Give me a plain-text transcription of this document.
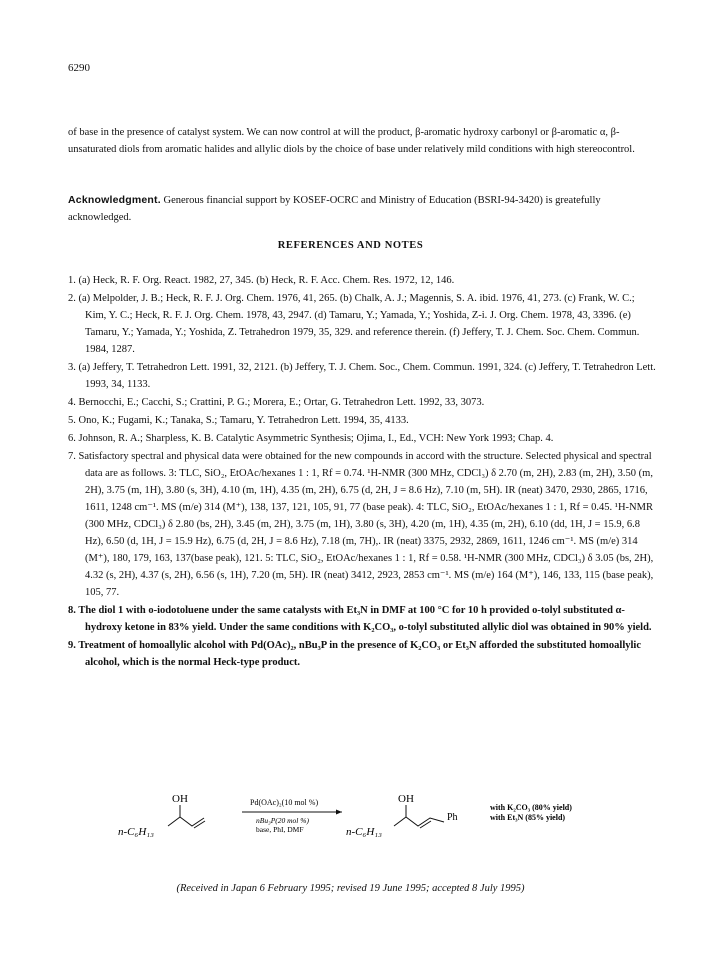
6290

of base in the presence of catalyst system. We can now control at will the product, β-aromatic hydroxy carbonyl or β-aromatic α, β-unsaturated diols from aromatic halides and allylic diols by the choice of base under relatively mild conditions with high stereocontrol.

Acknowledgment. Generous financial support by KOSEF-OCRC and Ministry of Education (BSRI-94-3420) is greatefully acknowledged.

REFERENCES AND NOTES
1. (a) Heck, R. F. Org. React. 1982, 27, 345. (b) Heck, R. F. Acc. Chem. Res. 1972, 12, 146.
2. (a) Melpolder, J. B.; Heck, R. F. J. Org. Chem. 1976, 41, 265. (b) Chalk, A. J.; Magennis, S. A. ibid. 1976, 41, 273. (c) Frank, W. C.; Kim, Y. C.; Heck, R. F. J. Org. Chem. 1978, 43, 2947. (d) Tamaru, Y.; Yamada, Y.; Yoshida, Z-i. J. Org. Chem. 1978, 43, 3396. (e) Tamaru, Y.; Yamada, Y.; Yoshida, Z. Tetrahedron 1979, 35, 329. and reference therein. (f) Jeffery, T. J. Chem. Soc. Chem. Commun. 1984, 1287.
3. (a) Jeffery, T. Tetrahedron Lett. 1991, 32, 2121. (b) Jeffery, T. J. Chem. Soc., Chem. Commun. 1991, 324. (c) Jeffery, T. Tetrahedron Lett. 1993, 34, 1133.
4. Bernocchi, E.; Cacchi, S.; Crattini, P. G.; Morera, E.; Ortar, G. Tetrahedron Lett. 1992, 33, 3073.
5. Ono, K.; Fugami, K.; Tanaka, S.; Tamaru, Y. Tetrahedron Lett. 1994, 35, 4133.
6. Johnson, R. A.; Sharpless, K. B. Catalytic Asymmetric Synthesis; Ojima, I., Ed., VCH: New York 1993; Chap. 4.
7. Satisfactory spectral and physical data were obtained for the new compounds in accord with the structure. Selected physical and spectral data are as follows. 3: TLC, SiO₂, EtOAc/hexanes 1 : 1, Rf = 0.74. ¹H-NMR (300 MHz, CDCl₃) δ 2.70 (m, 2H), 2.83 (m, 2H), 3.50 (m, 2H), 3.75 (m, 1H), 3.80 (s, 3H), 4.10 (m, 1H), 4.35 (m, 2H), 6.75 (d, 2H, J = 8.6 Hz), 7.10 (m, 5H). IR (neat) 3470, 2930, 2865, 1716, 1611, 1248 cm⁻¹. MS (m/e) 314 (M⁺), 138, 137, 121, 105, 91, 77 (base peak). 4: TLC, SiO₂, EtOAc/hexanes 1 : 1, Rf = 0.45. ¹H-NMR (300 MHz, CDCl₃) δ 2.80 (bs, 2H), 3.45 (m, 2H), 3.75 (m, 1H), 3.80 (s, 3H), 4.20 (m, 1H), 4.35 (m, 2H), 6.10 (dd, 1H, J = 15.9, 6.8 Hz), 6.50 (d, 1H, J = 15.9 Hz), 6.75 (d, 2H, J = 8.6 Hz), 7.18 (m, 7H),. IR (neat) 3375, 2932, 2869, 1611, 1246 cm⁻¹. MS (m/e) 314 (M⁺), 180, 179, 163, 137(base peak), 121. 5: TLC, SiO₂, EtOAc/hexanes 1 : 1, Rf = 0.58. ¹H-NMR (300 MHz, CDCl₃) δ 3.05 (bs, 2H), 4.32 (s, 2H), 4.37 (s, 2H), 6.56 (s, 1H), 7.20 (m, 5H). IR (neat) 3412, 2923, 2853 cm⁻¹. MS (m/e) 164 (M⁺), 146, 133, 115 (base peak), 105, 77.
8. The diol 1 with o-iodotoluene under the same catalysts with Et₃N in DMF at 100 °C for 10 h provided o-tolyl substituted α-hydroxy ketone in 83% yield. Under the same conditions with K₂CO₃, o-tolyl substituted allylic diol was obtained in 90% yield.
9. Treatment of homoallylic alcohol with Pd(OAc)₂, nBu₃P in the presence of K₂CO₃ or Et₃N afforded the substituted homoallylic alcohol, which is the normal Heck-type product.
OH
n-C₆H₁₃
Pd(OAc)₂(10 mol %)
nBu₃P(20 mol %)
base, PhI, DMF
OH
Ph
n-C₆H₁₃
with K₂CO₃ (80% yield)
with Et₃N (85% yield)
(Received in Japan 6 February 1995; revised 19 June 1995; accepted 8 July 1995)
